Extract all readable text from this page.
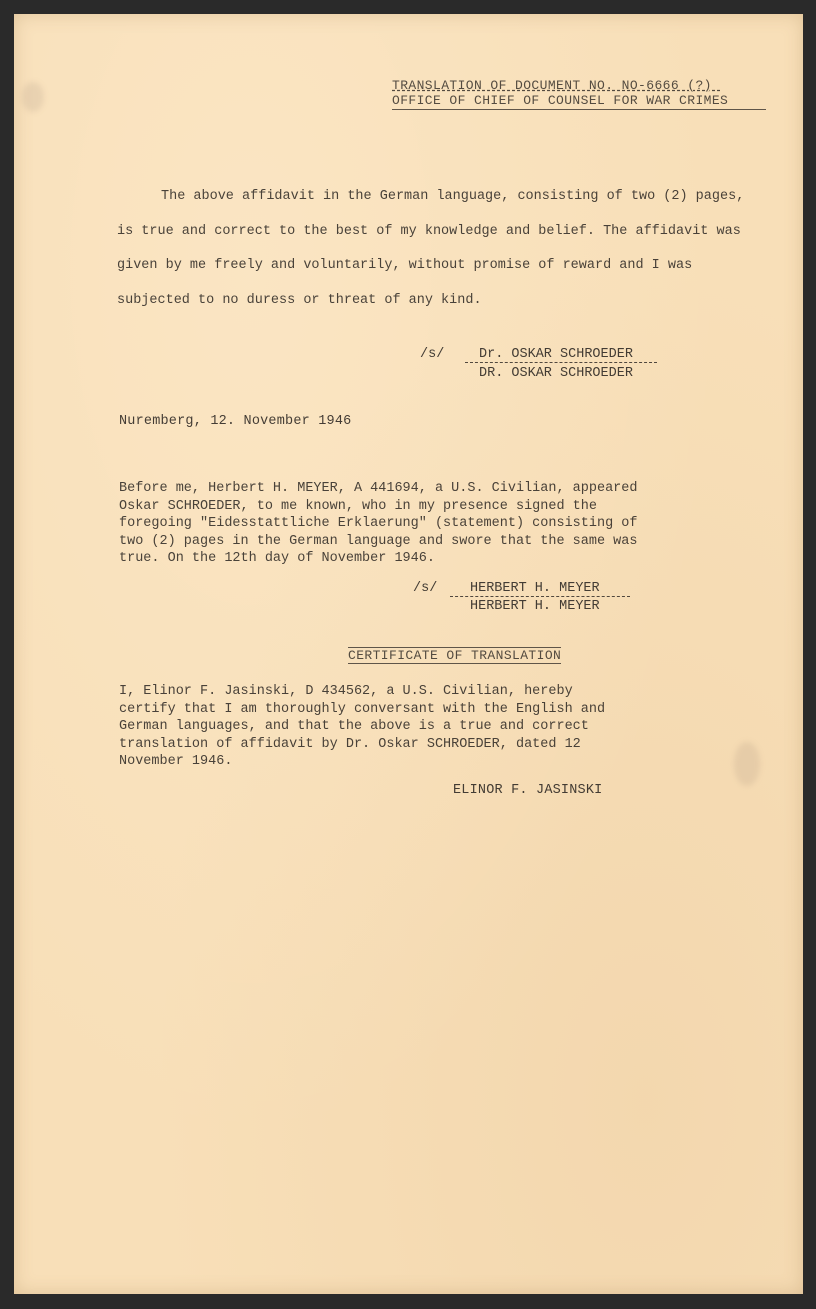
TRANSLATION OF DOCUMENT NO. NO-6666 (?)
OFFICE OF CHIEF OF COUNSEL FOR WAR CRIMES
The above affidavit in the German language, consisting of two (2) pages, is true and correct to the best of my knowledge and belief. The affidavit was given by me freely and voluntarily, without promise of reward and I was subjected to no duress or threat of any kind.
/s/	Dr. OSKAR SCHROEDER
DR. OSKAR SCHROEDER
Nuremberg, 12. November 1946
Before me, Herbert H. MEYER, A 441694, a U.S. Civilian, appeared Oskar SCHROEDER, to me known, who in my presence signed the foregoing "Eidesstattliche Erklaerung" (statement) consisting of two (2) pages in the German language and swore that the same was true. On the 12th day of November 1946.
/s/	HERBERT H. MEYER
HERBERT H. MEYER
CERTIFICATE OF TRANSLATION
I, Elinor F. Jasinski, D 434562, a U.S. Civilian, hereby certify that I am thoroughly conversant with the English and German languages, and that the above is a true and correct translation of affidavit by Dr. Oskar SCHROEDER, dated 12 November 1946.
ELINOR F. JASINSKI
